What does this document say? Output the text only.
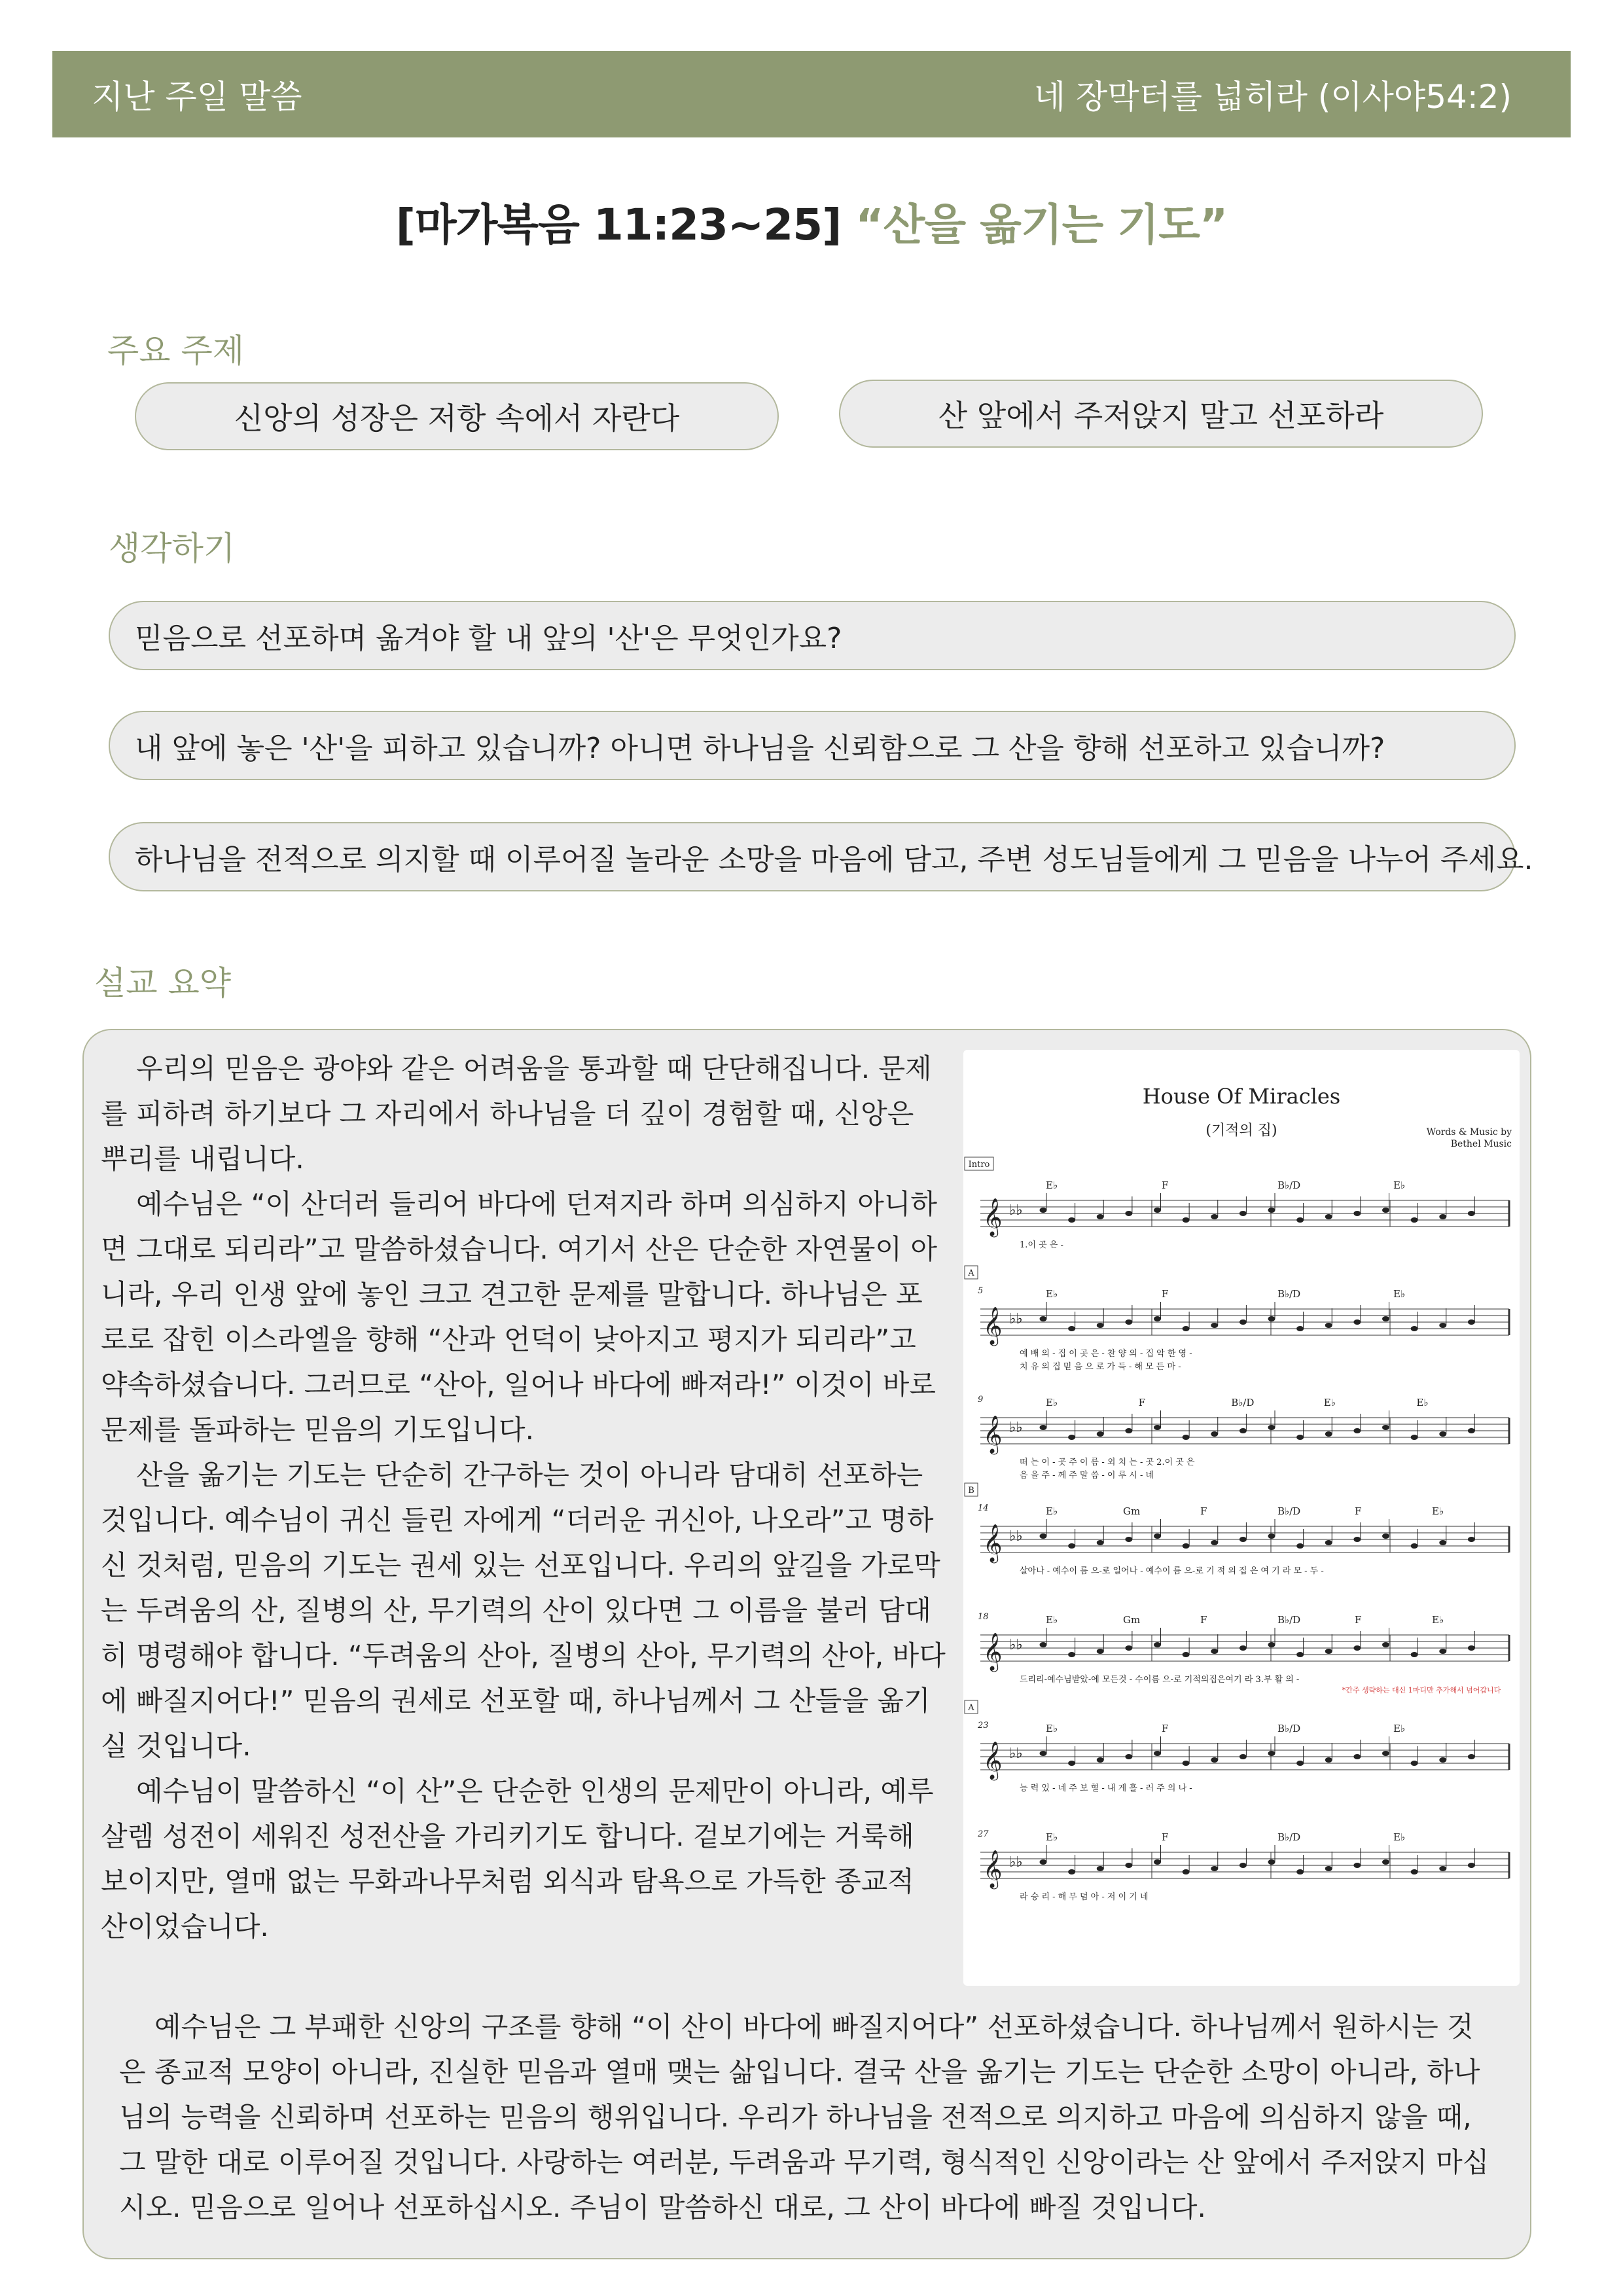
지난 주일 말씀	네 장막터를 넓히라 (이사야54:2)
[마가복음 11:23~25] “산을 옮기는 기도”
주요 주제
신앙의 성장은 저항 속에서 자란다	산 앞에서 주저앉지 말고 선포하라
생각하기
믿음으로 선포하며 옮겨야 할 내 앞의 '산'은 무엇인가요?
내 앞에 놓은 '산'을 피하고 있습니까? 아니면 하나님을 신뢰함으로 그 산을 향해 선포하고 있습니까?
하나님을 전적으로 의지할 때 이루어질 놀라운 소망을 마음에 담고, 주변 성도님들에게 그 믿음을 나누어 주세요.
설교 요약

우리의 믿음은 광야와 같은 어려움을 통과할 때 단단해집니다. 문제를 피하려 하기보다 그 자리에서 하나님을 더 깊이 경험할 때, 신앙은 뿌리를 내립니다.

예수님은 “이 산더러 들리어 바다에 던져지라 하며 의심하지 아니하면 그대로 되리라”고 말씀하셨습니다. 여기서 산은 단순한 자연물이 아니라, 우리 인생 앞에 놓인 크고 견고한 문제를 말합니다. 하나님은 포로로 잡힌 이스라엘을 향해 “산과 언덕이 낮아지고 평지가 되리라”고 약속하셨습니다. 그러므로 “산아, 일어나 바다에 빠져라!” 이것이 바로 문제를 돌파하는 믿음의 기도입니다.

산을 옮기는 기도는 단순히 간구하는 것이 아니라 담대히 선포하는 것입니다. 예수님이 귀신 들린 자에게 “더러운 귀신아, 나오라”고 명하신 것처럼, 믿음의 기도는 권세 있는 선포입니다. 우리의 앞길을 가로막는 두려움의 산, 질병의 산, 무기력의 산이 있다면 그 이름을 불러 담대히 명령해야 합니다. “두려움의 산아, 질병의 산아, 무기력의 산아, 바다에 빠질지어다!” 믿음의 권세로 선포할 때, 하나님께서 그 산들을 옮기실 것입니다.

예수님이 말씀하신 “이 산”은 단순한 인생의 문제만이 아니라, 예루살렘 성전이 세워진 성전산을 가리키기도 합니다. 겉보기에는 거룩해 보이지만, 열매 없는 무화과나무처럼 외식과 탐욕으로 가득한 종교적 산이었습니다.

House Of Miracles
(기적의 집)	Words & Music by
Bethel Music
Intro
𝄞 ♭♭
E♭	F	B♭/D	E♭
1.이 곳 은 -
A
5
𝄞 ♭♭
E♭	F	B♭/D	E♭
예 배 의 - 집 이 곳 은 - 찬 양 의 - 집 악 한 영 -
치 유 의 집 믿 음 으 로 가 득 - 해 모 든 마 -
9
𝄞 ♭♭
E♭	F	B♭/D	E♭	E♭
떠 는 이 - 곳 주 이 름 - 외 치 는 - 곳 2.이 곳 은
음 을 주 - 께 주 말 씀 - 이 루 시 - 네
B
14
𝄞 ♭♭
E♭	Gm	F	B♭/D	F	E♭
살아나 - 예수이 름 으-로 일어나 - 예수이 름 으-로 기 적 의 집 은 여 기 라 모 - 두 -
18
𝄞 ♭♭
E♭	Gm	F	B♭/D	F	E♭
드리리-예수님받았-에 모든것 - 수이름 으-로 기적의집은여기 라 3.부 활 의 -
*간주 생략하는 대신 1마디만 추가해서 넘어갑니다
A
23
𝄞 ♭♭
E♭	F	B♭/D	E♭
능 력 있 - 네 주 보 혈 - 내 게 흘 - 러 주 의 나 -
27
𝄞 ♭♭
E♭	F	B♭/D	E♭
라 승 리 - 해 무 덤 아 - 저 이 기 네

예수님은 그 부패한 신앙의 구조를 향해 “이 산이 바다에 빠질지어다” 선포하셨습니다. 하나님께서 원하시는 것은 종교적 모양이 아니라, 진실한 믿음과 열매 맺는 삶입니다. 결국 산을 옮기는 기도는 단순한 소망이 아니라, 하나님의 능력을 신뢰하며 선포하는 믿음의 행위입니다. 우리가 하나님을 전적으로 의지하고 마음에 의심하지 않을 때, 그 말한 대로 이루어질 것입니다. 사랑하는 여러분, 두려움과 무기력, 형식적인 신앙이라는 산 앞에서 주저앉지 마십시오. 믿음으로 일어나 선포하십시오. 주님이 말씀하신 대로, 그 산이 바다에 빠질 것입니다.
